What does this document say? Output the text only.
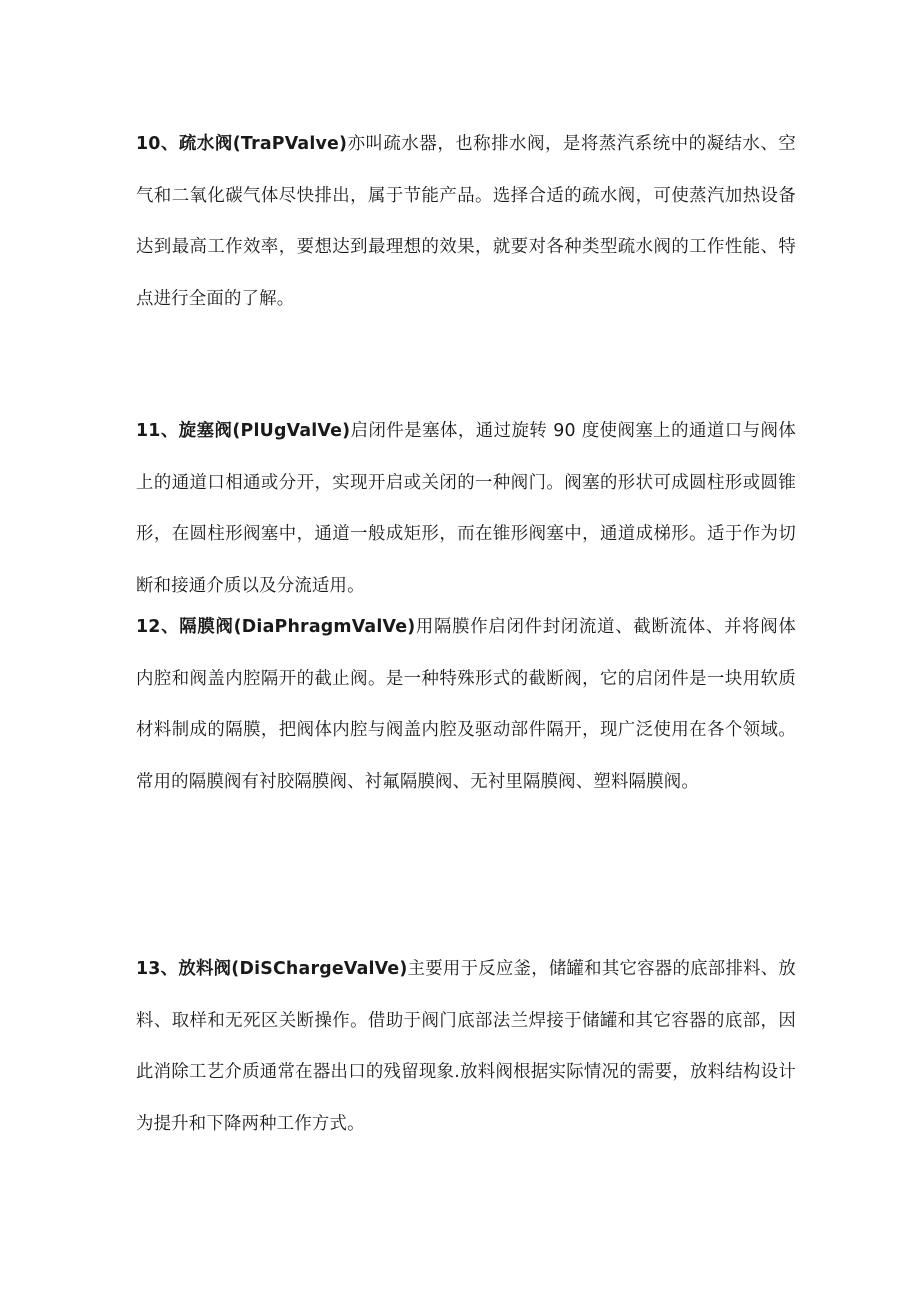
10、疏水阀(TraPValve)亦叫疏水器，也称排水阀，是将蒸汽系统中的凝结水、空气和二氧化碳气体尽快排出，属于节能产品。选择合适的疏水阀，可使蒸汽加热设备达到最高工作效率，要想达到最理想的效果，就要对各种类型疏水阀的工作性能、特点进行全面的了解。

11、旋塞阀(PlUgValVe)启闭件是塞体，通过旋转 90 度使阀塞上的通道口与阀体上的通道口相通或分开，实现开启或关闭的一种阀门。阀塞的形状可成圆柱形或圆锥形，在圆柱形阀塞中，通道一般成矩形，而在锥形阀塞中，通道成梯形。适于作为切断和接通介质以及分流适用。

12、隔膜阀(DiaPhragmValVe)用隔膜作启闭件封闭流道、截断流体、并将阀体内腔和阀盖内腔隔开的截止阀。是一种特殊形式的截断阀，它的启闭件是一块用软质材料制成的隔膜，把阀体内腔与阀盖内腔及驱动部件隔开，现广泛使用在各个领域。常用的隔膜阀有衬胶隔膜阀、衬氟隔膜阀、无衬里隔膜阀、塑料隔膜阀。

13、放料阀(DiSChargeValVe)主要用于反应釜，储罐和其它容器的底部排料、放料、取样和无死区关断操作。借助于阀门底部法兰焊接于储罐和其它容器的底部，因此消除工艺介质通常在器出口的残留现象.放料阀根据实际情况的需要，放料结构设计为提升和下降两种工作方式。
